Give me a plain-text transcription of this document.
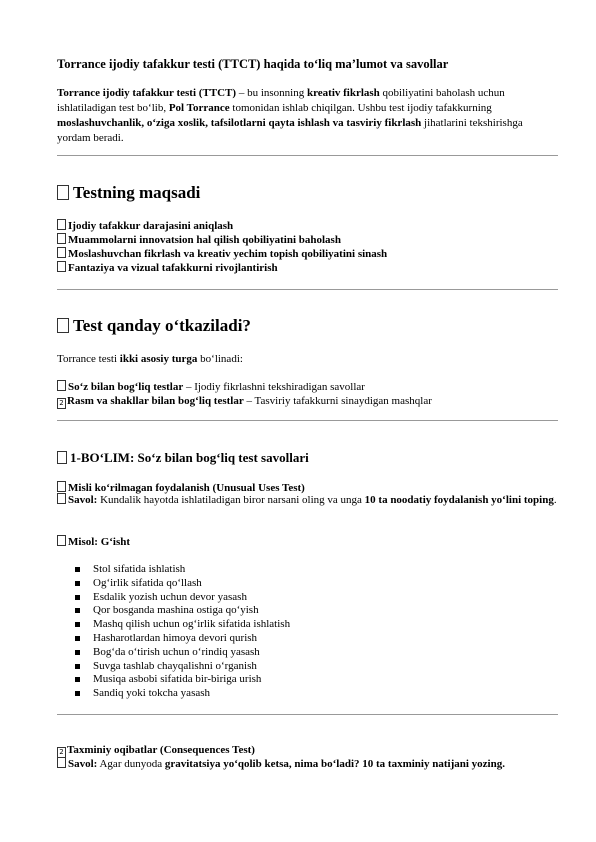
Torrance ijodiy tafakkur testi (TTCT) haqida to‘liq ma’lumot va savollar
Torrance ijodiy tafakkur testi (TTCT) – bu insonning kreativ fikrlash qobiliyatini baholash uchun ishlatiladigan test bo‘lib, Pol Torrance tomonidan ishlab chiqilgan. Ushbu test ijodiy tafakkurning moslashuvchanlik, o‘ziga xoslik, tafsilotlarni qayta ishlash va tasviriy fikrlash jihatlarini tekshirishga yordam beradi.
Testning maqsadi
Ijodiy tafakkur darajasini aniqlash
Muammolarni innovatsion hal qilish qobiliyatini baholash
Moslashuvchan fikrlash va kreativ yechim topish qobiliyatini sinash
Fantaziya va vizual tafakkurni rivojlantirish
Test qanday o‘tkaziladi?
Torrance testi ikki asosiy turga bo‘linadi:
So‘z bilan bog‘liq testlar – Ijodiy fikrlashni tekshiradigan savollar
2 Rasm va shakllar bilan bog‘liq testlar – Tasviriy tafakkurni sinaydigan mashqlar
1-BO‘LIM: So‘z bilan bog‘liq test savollari
Misli ko‘rilmagan foydalanish (Unusual Uses Test)
Savol: Kundalik hayotda ishlatiladigan biror narsani oling va unga 10 ta noodatiy foydalanish yo‘lini toping.
Misol: G‘isht
Stol sifatida ishlatish
Og‘irlik sifatida qo‘llash
Esdalik yozish uchun devor yasash
Qor bosganda mashina ostiga qo‘yish
Mashq qilish uchun og‘irlik sifatida ishlatish
Hasharotlardan himoya devori qurish
Bog‘da o‘tirish uchun o‘rindiq yasash
Suvga tashlab chayqalishni o‘rganish
Musiqa asbobi sifatida bir-biriga urish
Sandiq yoki tokcha yasash
2 Taxminiy oqibatlar (Consequences Test)
Savol: Agar dunyoda gravitatsiya yo‘qolib ketsa, nima bo‘ladi? 10 ta taxminiy natijani yozing.
